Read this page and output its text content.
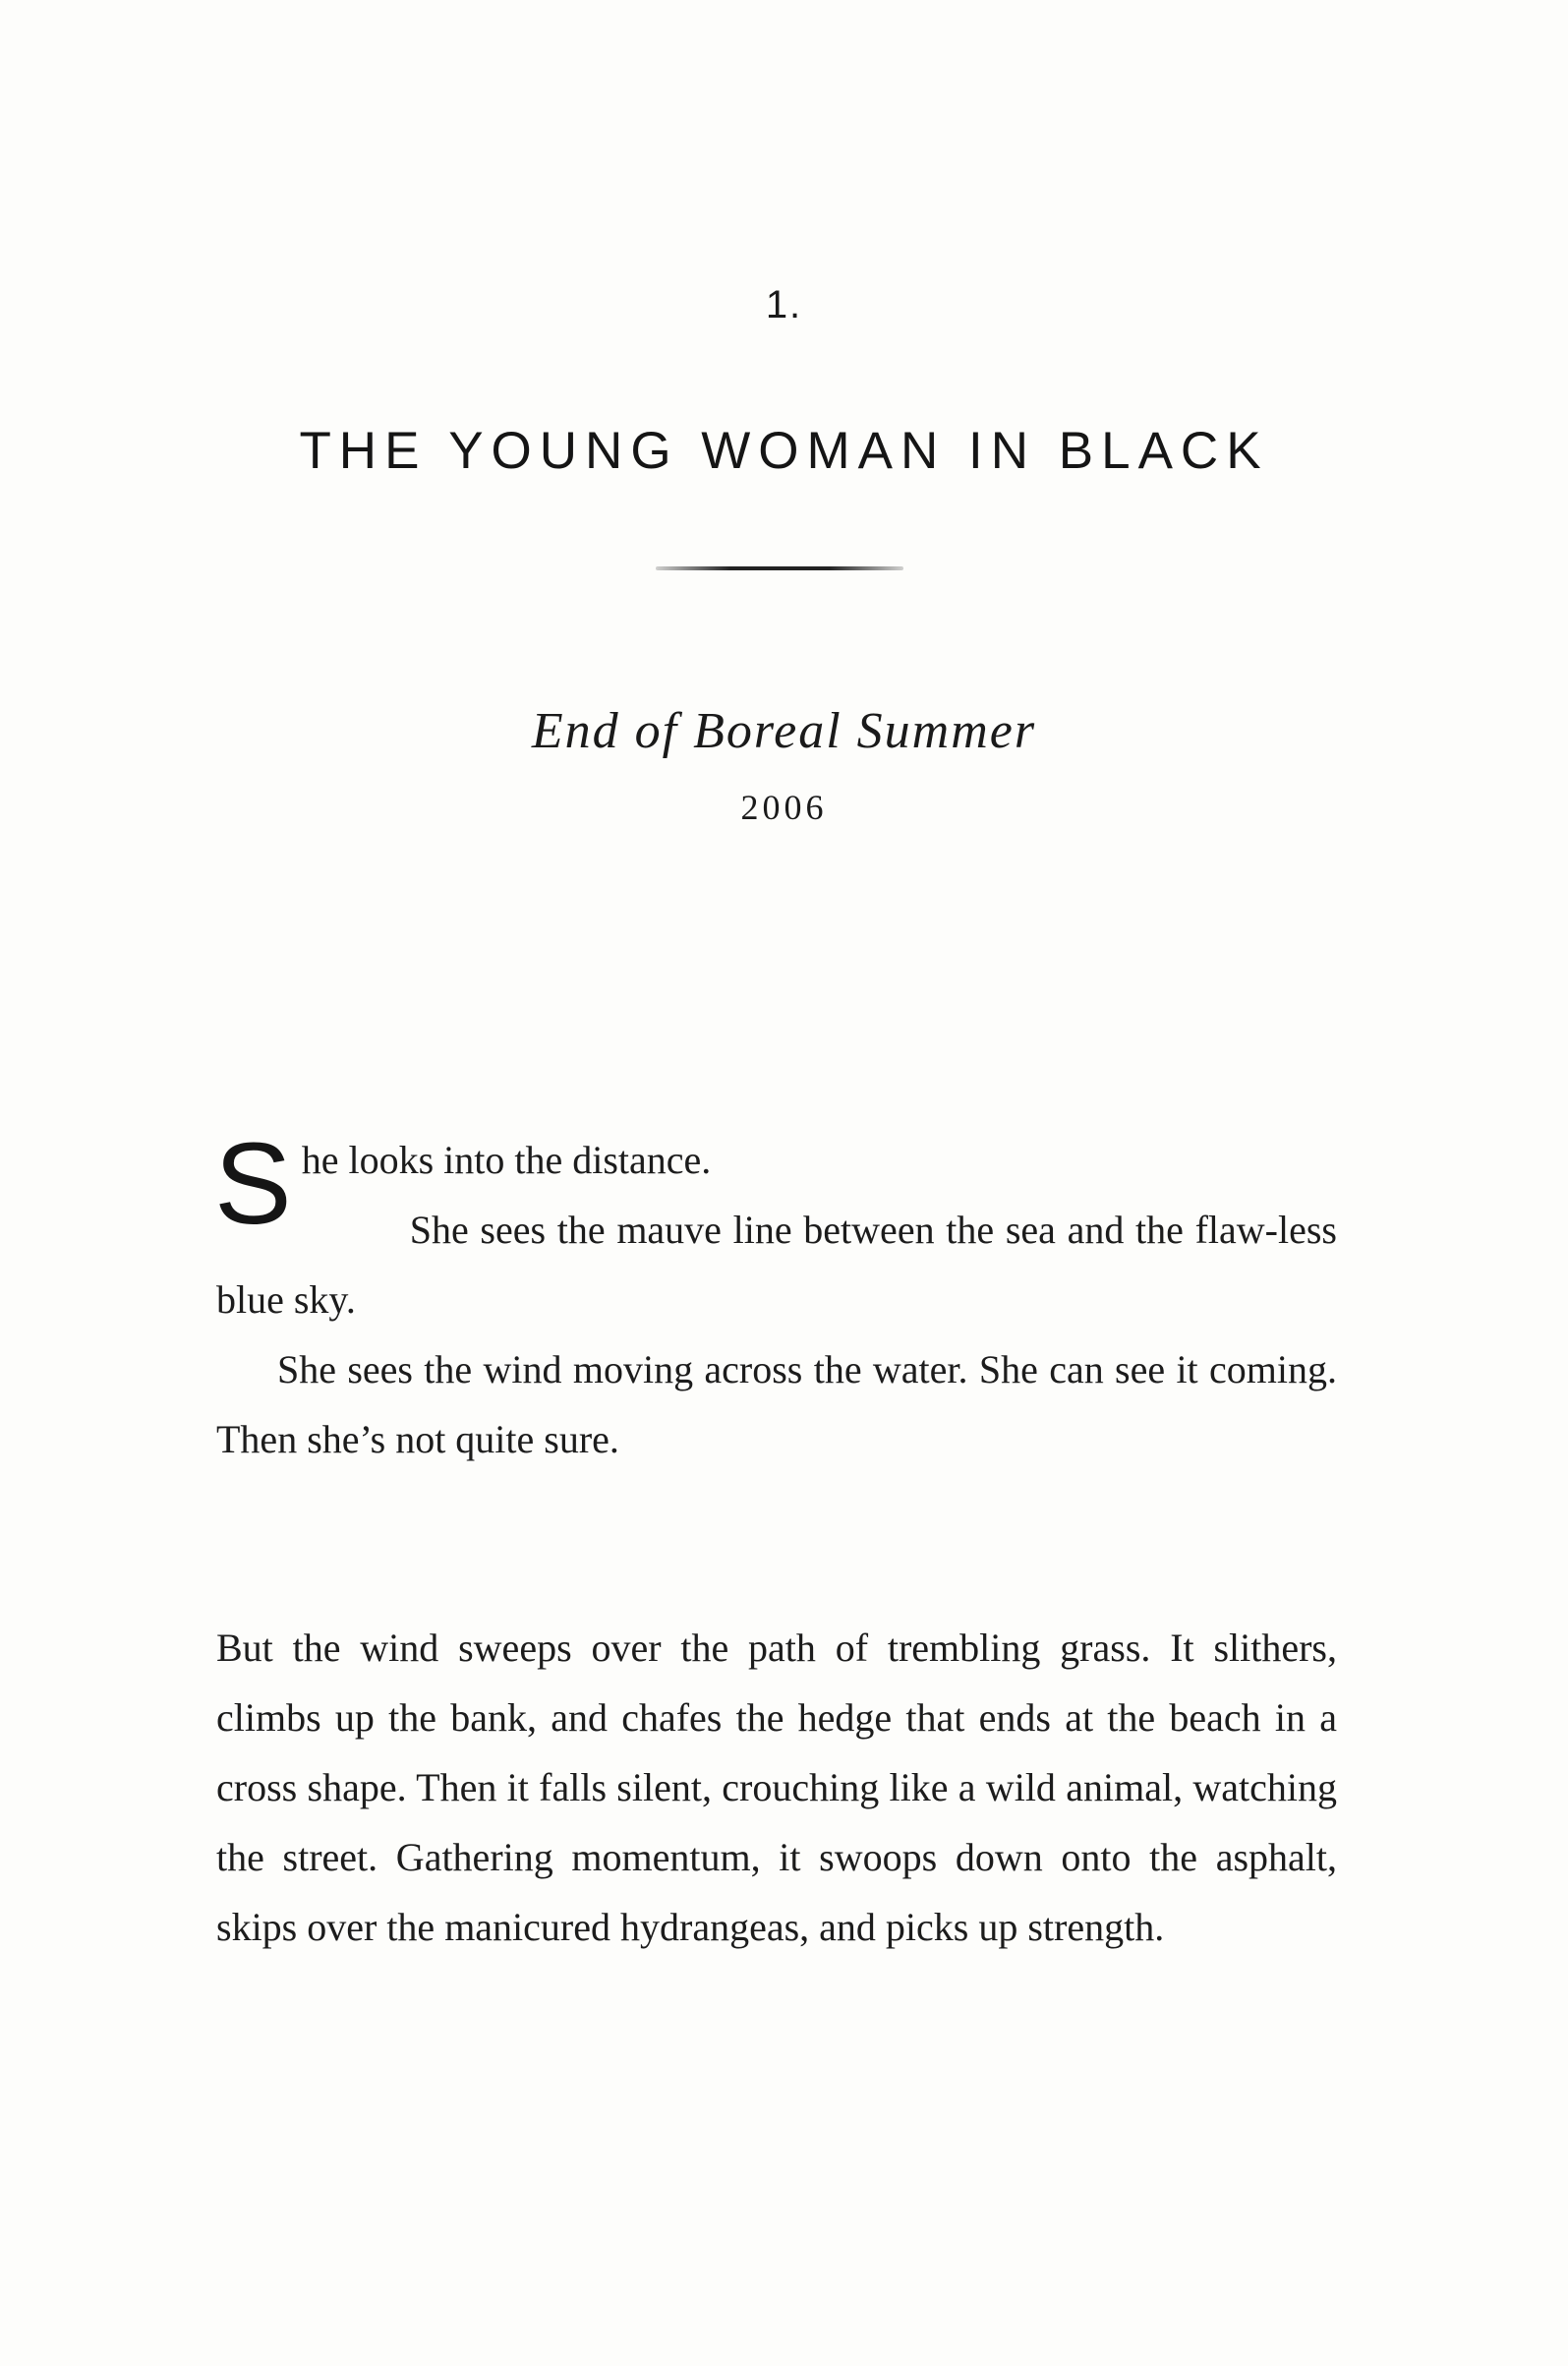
1.
THE YOUNG WOMAN IN BLACK
End of Boreal Summer
2006

She looks into the distance.
She sees the mauve line between the sea and the flaw-less blue sky.

She sees the wind moving across the water. She can see it coming. Then she’s not quite sure.

But the wind sweeps over the path of trembling grass. It slithers, climbs up the bank, and chafes the hedge that ends at the beach in a cross shape. Then it falls silent, crouching like a wild animal, watching the street. Gathering momentum, it swoops down onto the asphalt, skips over the manicured hydrangeas, and picks up strength.
